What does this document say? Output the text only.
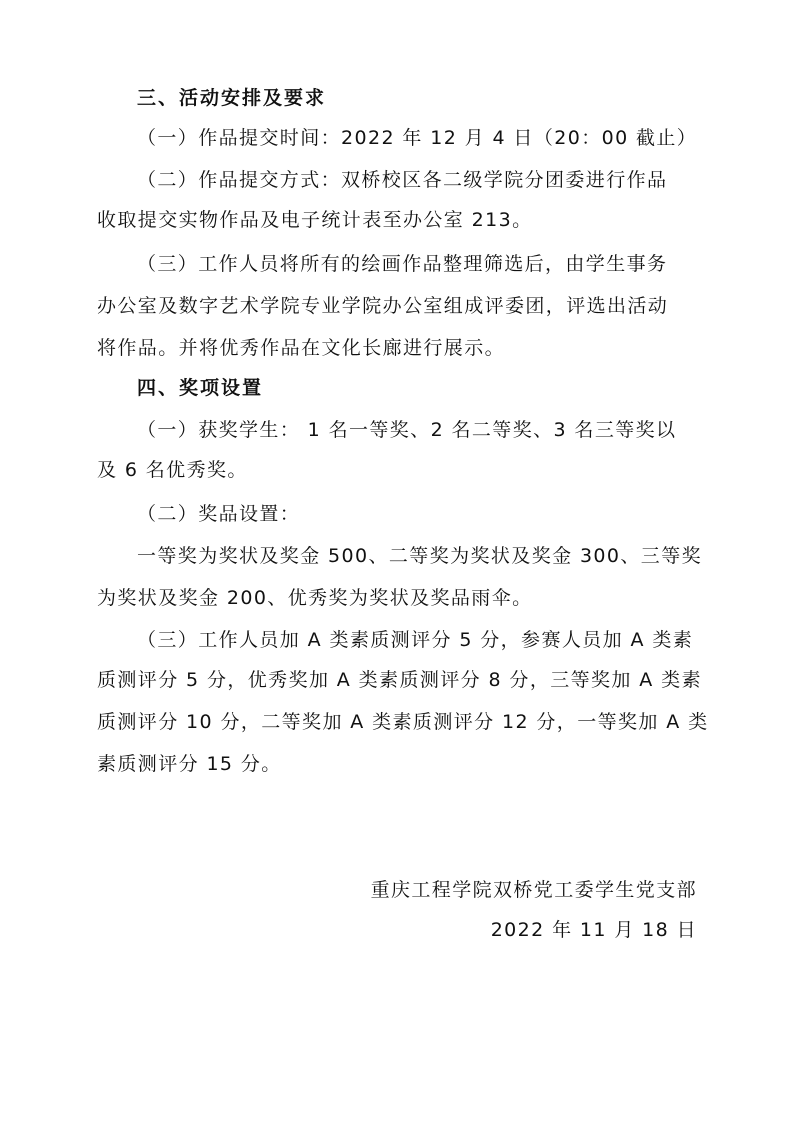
三、活动安排及要求
（一）作品提交时间：2022 年 12 月 4 日（20：00 截止）
（二）作品提交方式：双桥校区各二级学院分团委进行作品
收取提交实物作品及电子统计表至办公室 213。
（三）工作人员将所有的绘画作品整理筛选后，由学生事务
办公室及数字艺术学院专业学院办公室组成评委团，评选出活动
将作品。并将优秀作品在文化长廊进行展示。
四、奖项设置
（一）获奖学生： 1 名一等奖、2 名二等奖、3 名三等奖以
及 6 名优秀奖。
（二）奖品设置：
一等奖为奖状及奖金 500、二等奖为奖状及奖金 300、三等奖
为奖状及奖金 200、优秀奖为奖状及奖品雨伞。
（三）工作人员加 A 类素质测评分 5 分，参赛人员加 A 类素
质测评分 5 分，优秀奖加 A 类素质测评分 8 分，三等奖加 A 类素
质测评分 10 分，二等奖加 A 类素质测评分 12 分，一等奖加 A 类
素质测评分 15 分。
重庆工程学院双桥党工委学生党支部
2022 年 11 月 18 日
